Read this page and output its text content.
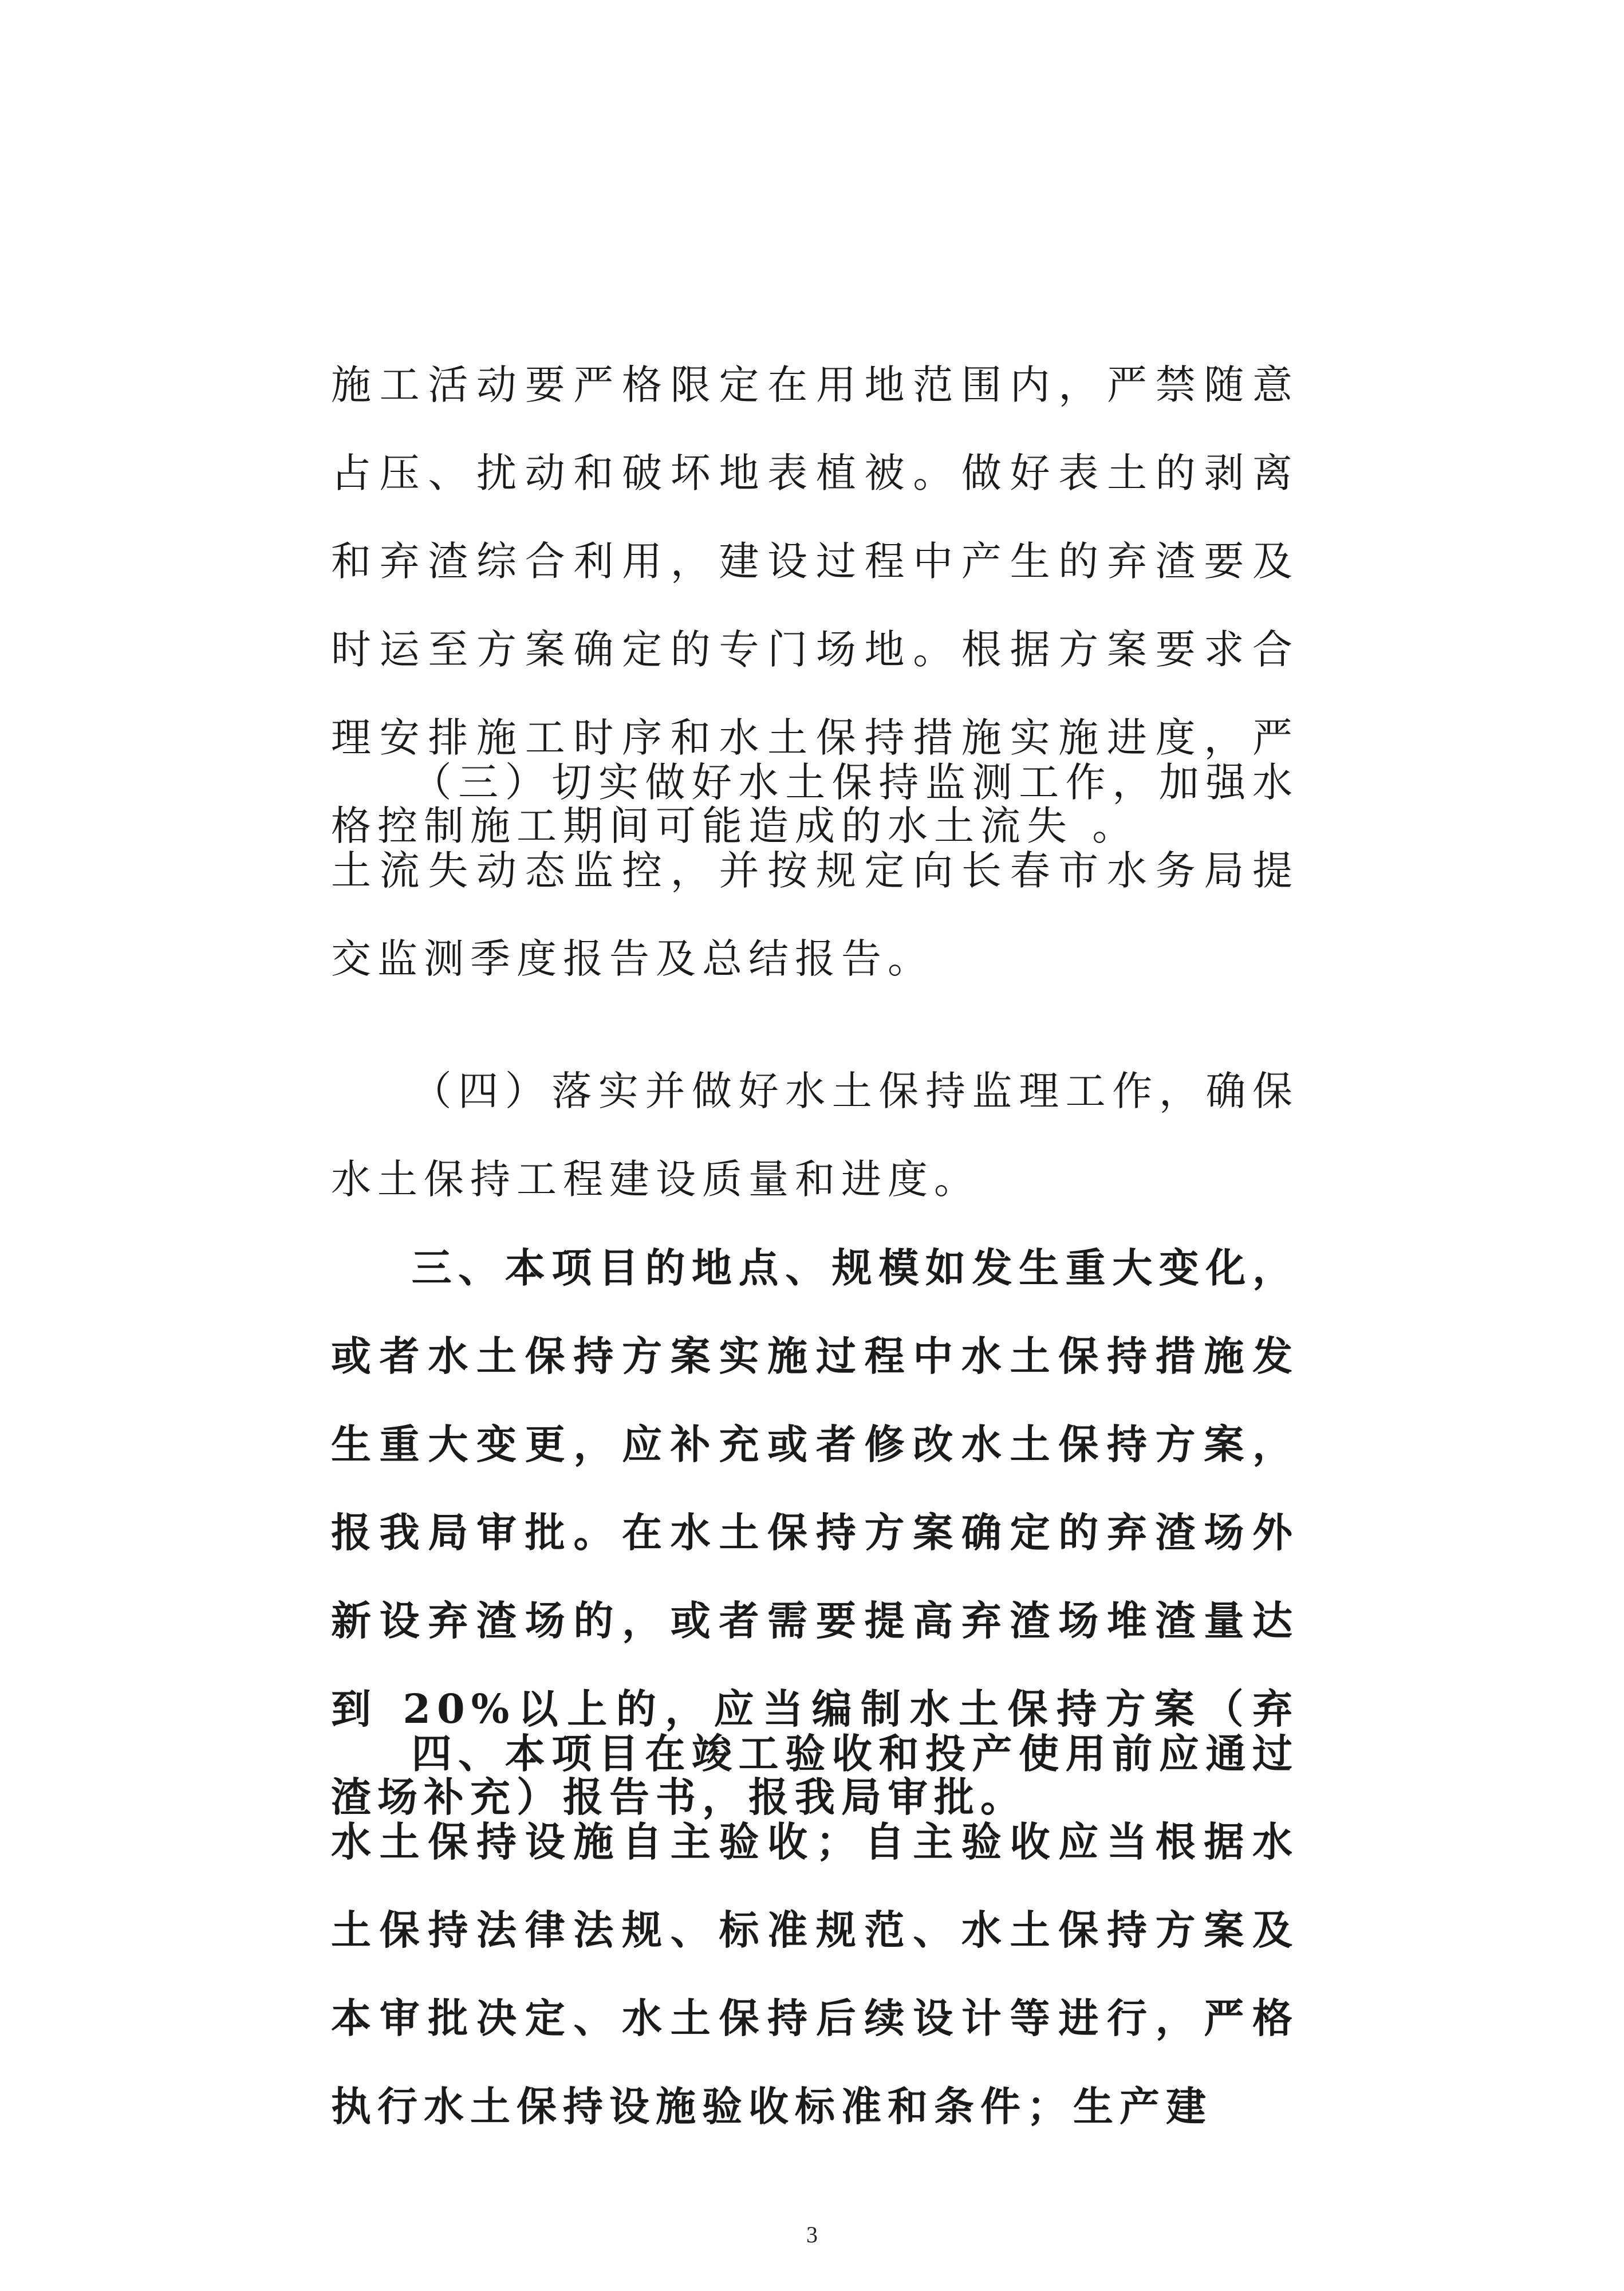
施工活动要严格限定在用地范围内，严禁随意占压、扰动和破坏地表植被。做好表土的剥离和弃渣综合利用，建设过程中产生的弃渣要及时运至方案确定的专门场地。根据方案要求合理安排施工时序和水土保持措施实施进度，严格控制施工期间可能造成的水土流失 。

（三）切实做好水土保持监测工作，加强水土流失动态监控，并按规定向长春市水务局提交监测季度报告及总结报告。

（四）落实并做好水土保持监理工作，确保水土保持工程建设质量和进度。

三、本项目的地点、规模如发生重大变化，或者水土保持方案实施过程中水土保持措施发生重大变更，应补充或者修改水土保持方案，报我局审批。在水土保持方案确定的弃渣场外新设弃渣场的，或者需要提高弃渣场堆渣量达到 20%以上的，应当编制水土保持方案（弃渣场补充）报告书，报我局审批。

四、本项目在竣工验收和投产使用前应通过水土保持设施自主验收；自主验收应当根据水土保持法律法规、标准规范、水土保持方案及本审批决定、水土保持后续设计等进行，严格执行水土保持设施验收标准和条件；生产建

3
